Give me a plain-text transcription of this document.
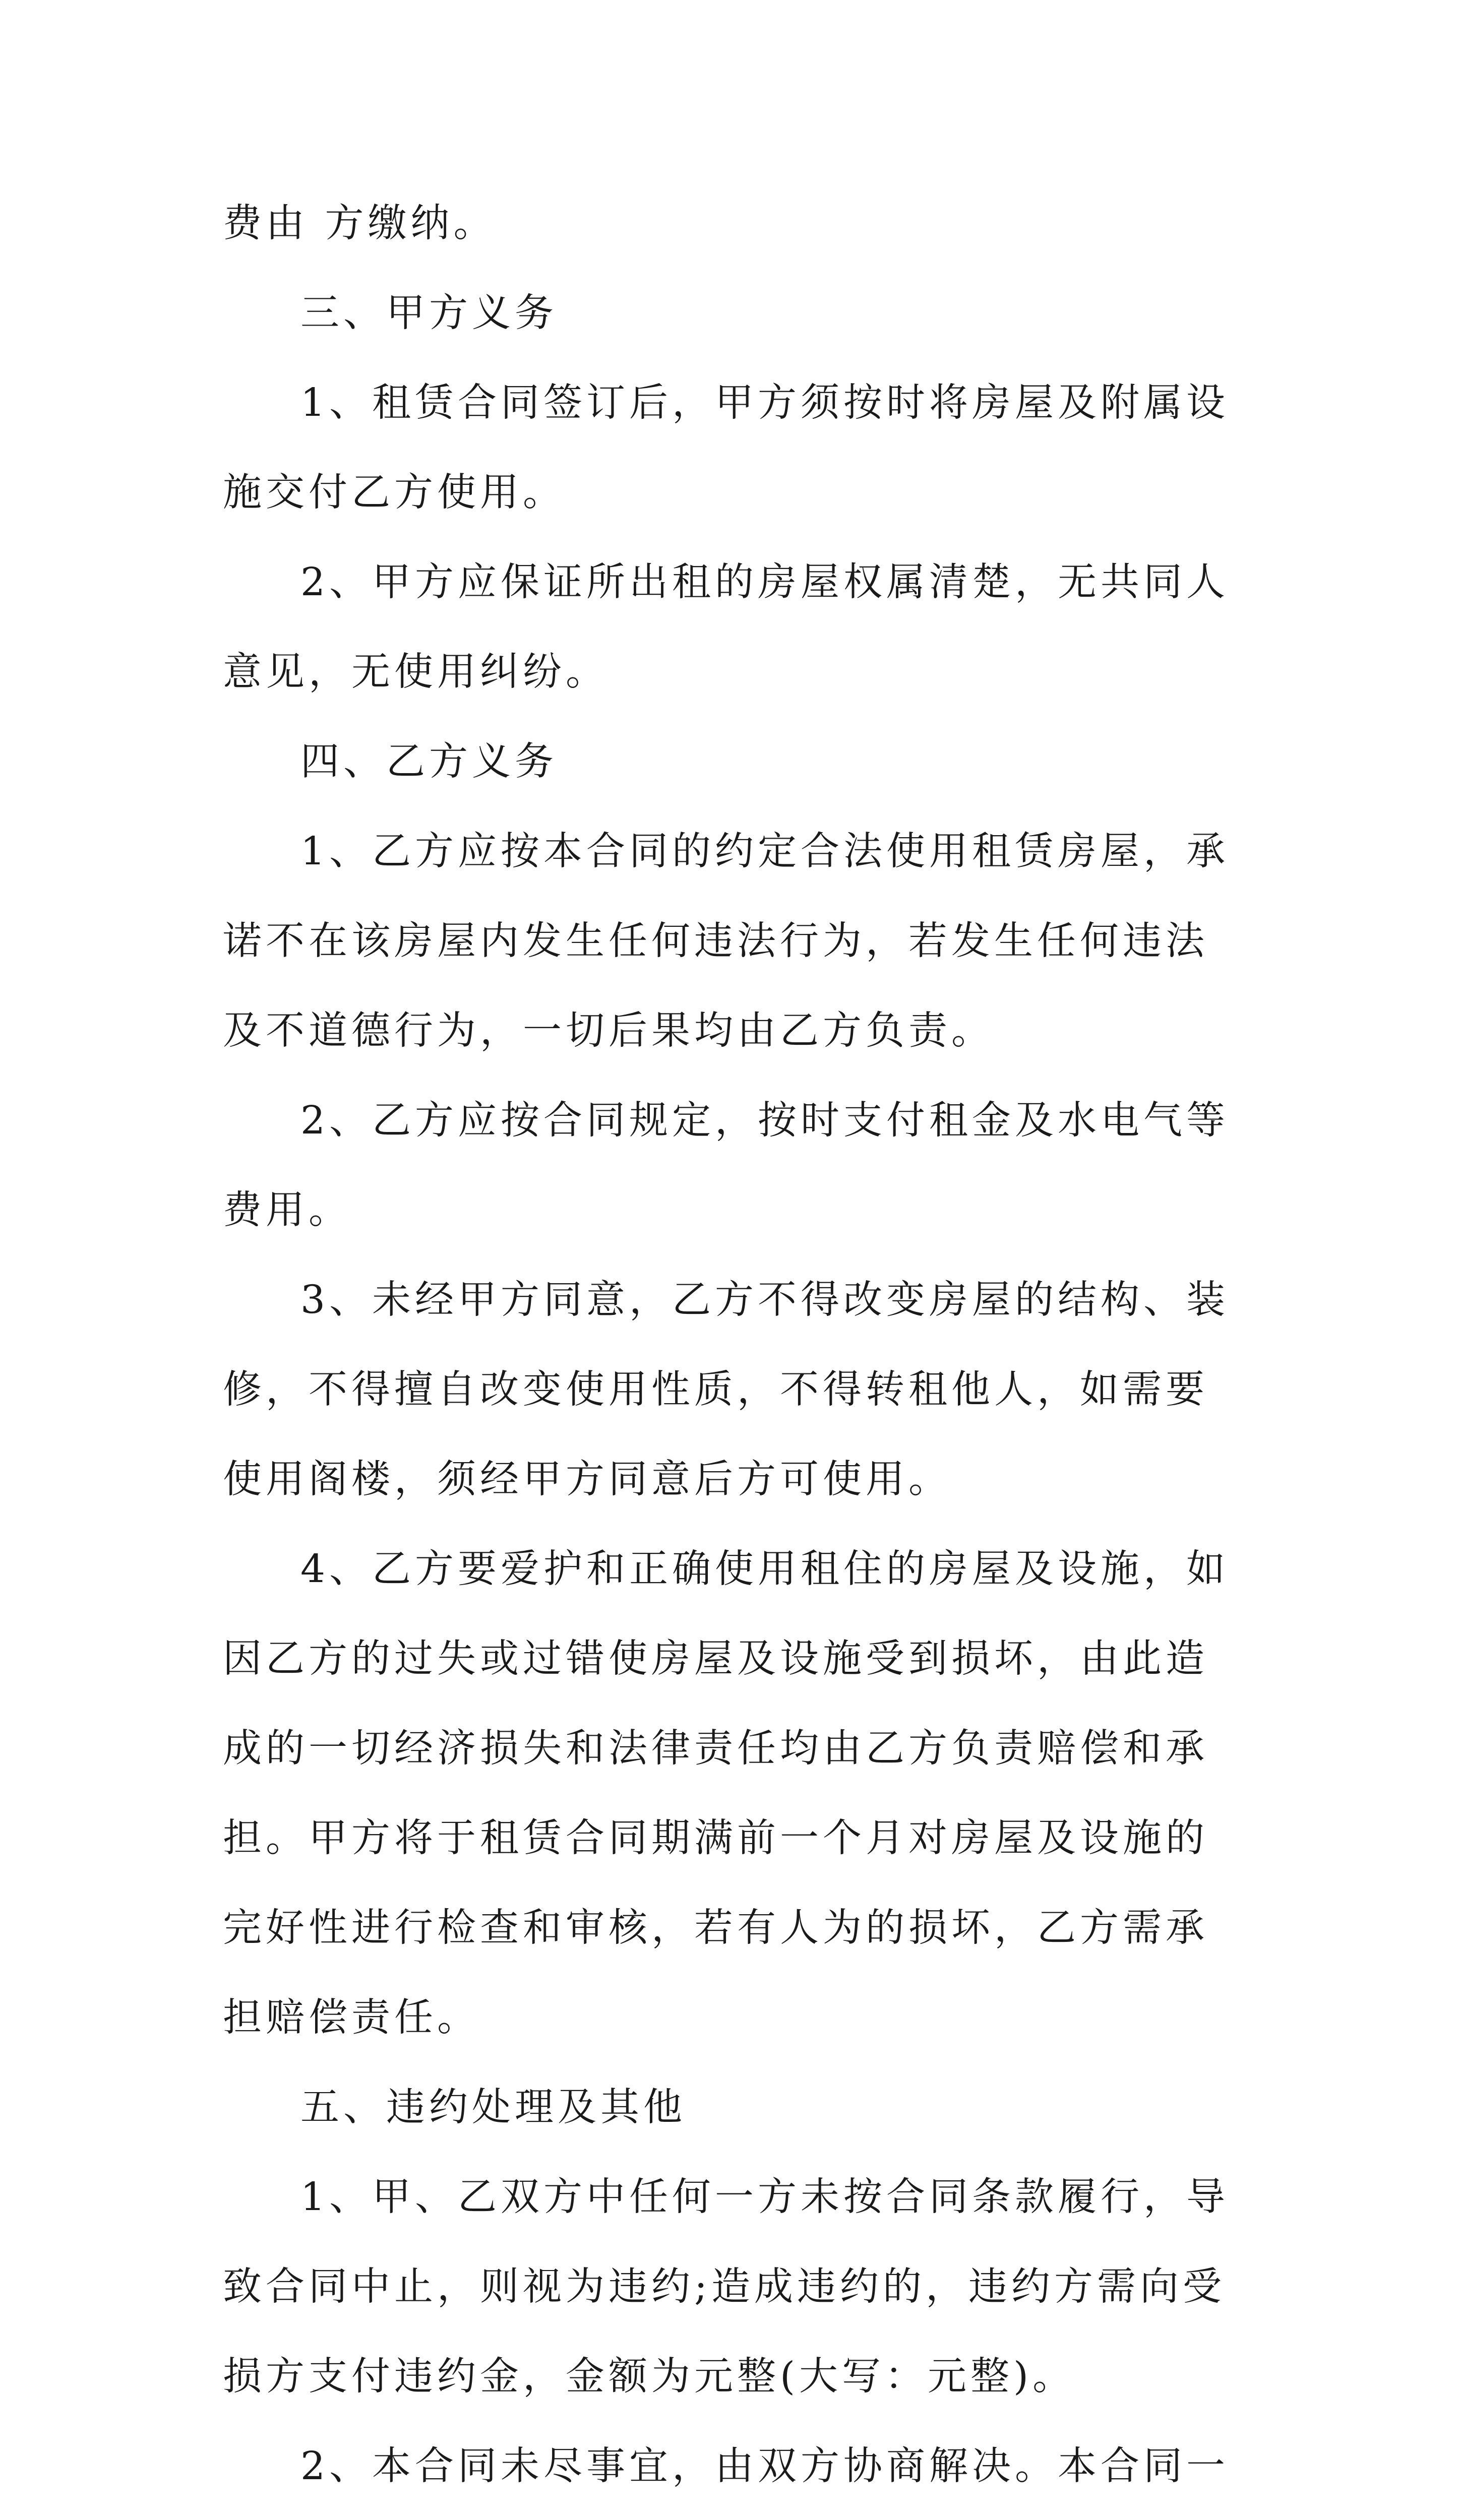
费由 方缴纳。

三、甲方义务

1、租赁合同签订后，甲方须按时将房屋及附属设施交付乙方使用。

2、甲方应保证所出租的房屋权属清楚，无共同人意见，无使用纠纷。

四、乙方义务

1、乙方应按本合同的约定合法使用租赁房屋，承诺不在该房屋内发生任何违法行为，若发生任何违法及不道德行为，一切后果均由乙方负责。

2、乙方应按合同规定，按时支付租金及水电气等费用。

3、未经甲方同意，乙方不得改变房屋的结构、装修，不得擅自改变使用性质，不得转租他人，如需要使用阁楼，须经甲方同意后方可使用。

4、乙方要爱护和正确使用租住的房屋及设施，如因乙方的过失或过错使房屋及设施受到损坏，由此造成的一切经济损失和法律责任均由乙方负责赔偿和承担。甲方将于租赁合同期满前一个月对房屋及设施的完好性进行检查和审核，若有人为的损坏，乙方需承担赔偿责任。

五、违约处理及其他

1、甲、乙双方中任何一方未按合同条款履行，导致合同中止，则视为违约;造成违约的，违约方需向受损方支付违约金，金额为元整(大写：元整)。

2、本合同未尽事宜，由双方协商解决。本合同一
